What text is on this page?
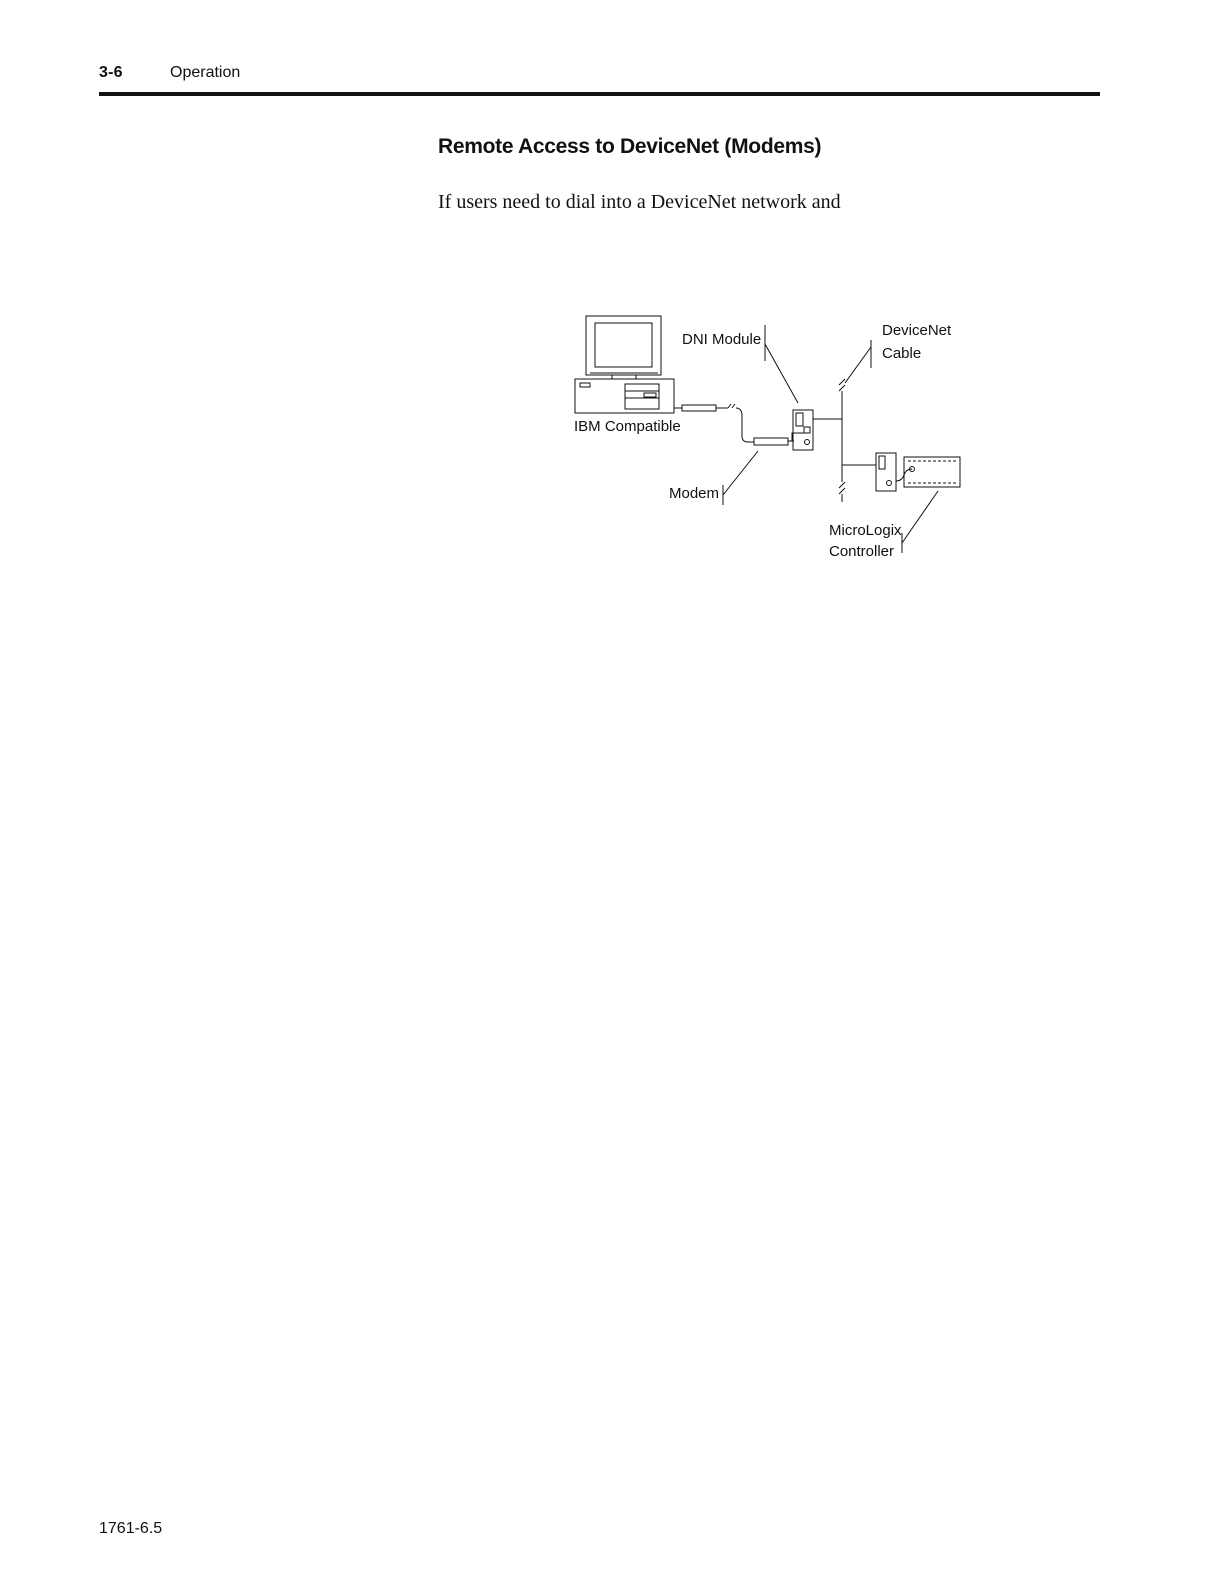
3-6	Operation
Remote Access to DeviceNet (Modems)
If users need to dial into a DeviceNet network and
DNI Module
DeviceNet
Cable
IBM Compatible
Modem
MicroLogix
Controller
1761-6.5
